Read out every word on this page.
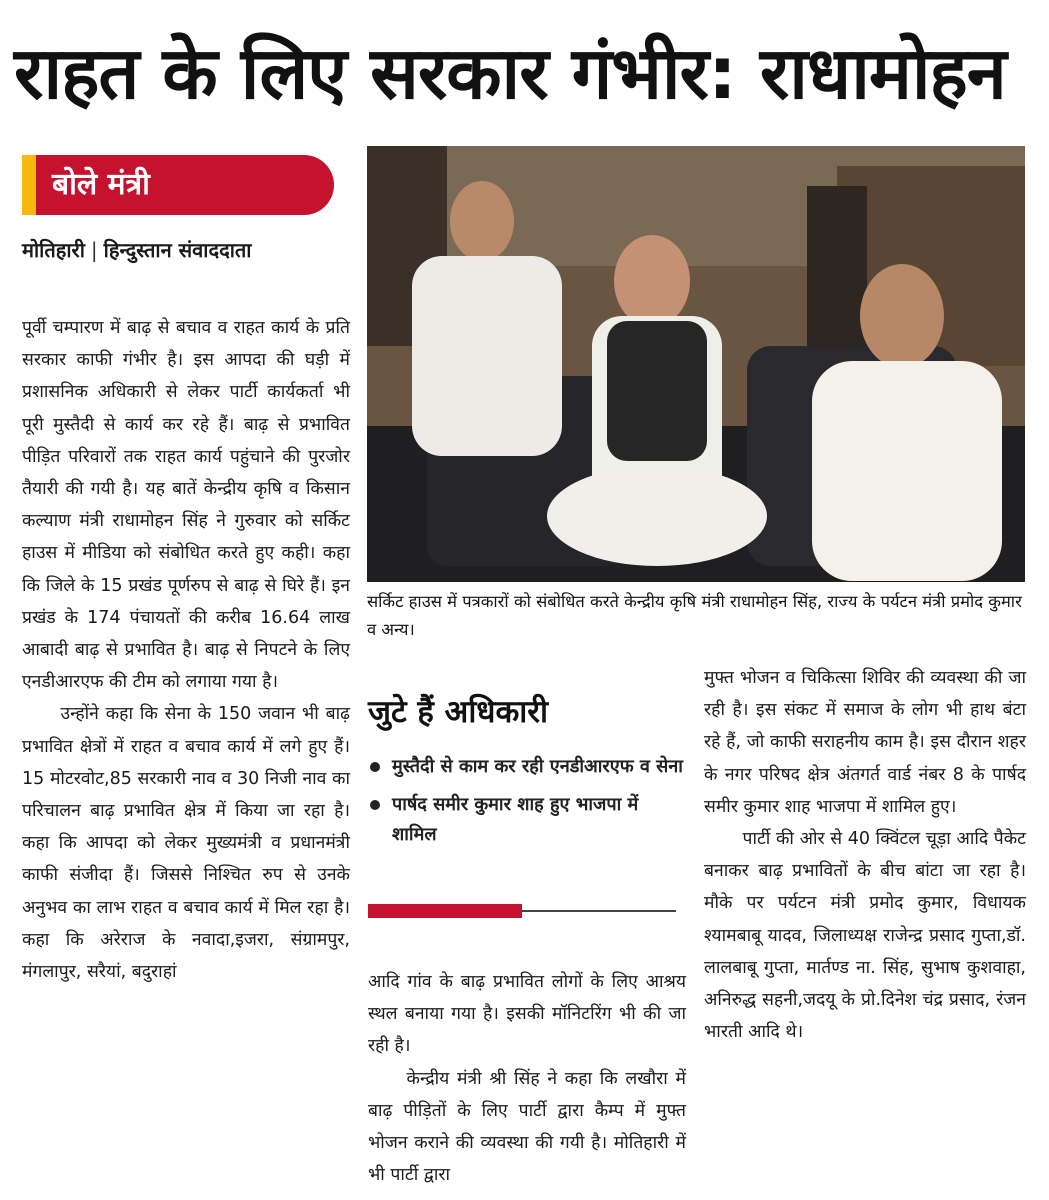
राहत के लिए सरकार गंभीर: राधामोहन
बोले मंत्री
मोतिहारी | हिन्दुस्तान संवाददाता

पूर्वी चम्पारण में बाढ़ से बचाव व राहत कार्य के प्रति सरकार काफी गंभीर है। इस आपदा की घड़ी में प्रशासनिक अधिकारी से लेकर पार्टी कार्यकर्ता भी पूरी मुस्तैदी से कार्य कर रहे हैं। बाढ़ से प्रभावित पीड़ित परिवारों तक राहत कार्य पहुंचाने की पुरजोर तैयारी की गयी है। यह बातें केन्द्रीय कृषि व किसान कल्याण मंत्री राधामोहन सिंह ने गुरुवार को सर्किट हाउस में मीडिया को संबोधित करते हुए कही। कहा कि जिले के 15 प्रखंड पूर्णरुप से बाढ़ से घिरे हैं। इन प्रखंड के 174 पंचायतों की करीब 16.64 लाख आबादी बाढ़ से प्रभावित है। बाढ़ से निपटने के लिए एनडीआरएफ की टीम को लगाया गया है।

उन्होंने कहा कि सेना के 150 जवान भी बाढ़ प्रभावित क्षेत्रों में राहत व बचाव कार्य में लगे हुए हैं। 15 मोटरवोट,85 सरकारी नाव व 30 निजी नाव का परिचालन बाढ़ प्रभावित क्षेत्र में किया जा रहा है। कहा कि आपदा को लेकर मुख्यमंत्री व प्रधानमंत्री काफी संजीदा हैं। जिससे निश्चित रुप से उनके अनुभव का लाभ राहत व बचाव कार्य में मिल रहा है। कहा कि अरेराज के नवादा,इजरा, संग्रामपुर, मंगलापुर, सरैयां, बदुराहां

सर्किट हाउस में पत्रकारों को संबोधित करते केन्द्रीय कृषि मंत्री राधामोहन सिंह, राज्य के पर्यटन मंत्री प्रमोद कुमार व अन्य।
जुटे हैं अधिकारी
मुस्तैदी से काम कर रही एनडीआरएफ व सेना
पार्षद समीर कुमार शाह हुए भाजपा में शामिल

आदि गांव के बाढ़ प्रभावित लोगों के लिए आश्रय स्थल बनाया गया है। इसकी मॉनिटरिंग भी की जा रही है।

केन्द्रीय मंत्री श्री सिंह ने कहा कि लखौरा में बाढ़ पीड़ितों के लिए पार्टी द्वारा कैम्प में मुफ्त भोजन कराने की व्यवस्था की गयी है। मोतिहारी में भी पार्टी द्वारा

मुफ्त भोजन व चिकित्सा शिविर की व्यवस्था की जा रही है। इस संकट में समाज के लोग भी हाथ बंटा रहे हैं, जो काफी सराहनीय काम है। इस दौरान शहर के नगर परिषद क्षेत्र अंतगर्त वार्ड नंबर 8 के पार्षद समीर कुमार शाह भाजपा में शामिल हुए।

पार्टी की ओर से 40 क्विंटल चूड़ा आदि पैकेट बनाकर बाढ़ प्रभावितों के बीच बांटा जा रहा है। मौके पर पर्यटन मंत्री प्रमोद कुमार, विधायक श्यामबाबू यादव, जिलाध्यक्ष राजेन्द्र प्रसाद गुप्ता,डॉ. लालबाबू गुप्ता, मार्तण्ड ना. सिंह, सुभाष कुशवाहा, अनिरुद्ध सहनी,जदयू के प्रो.दिनेश चंद्र प्रसाद, रंजन भारती आदि थे।
